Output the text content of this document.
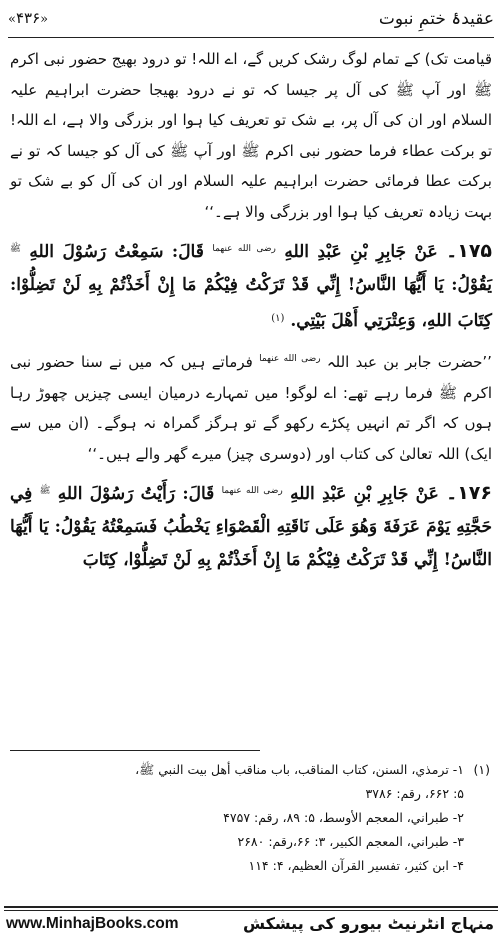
عقیدۂ ختمِ نبوت
«۴۳۶»

قیامت تک) کے تمام لوگ رشک کریں گے، اے اللہ! تو درود بھیج حضور نبی اکرم ﷺ اور آپ ﷺ کی آل پر جیسا کہ تو نے درود بھیجا حضرت ابراہیم علیہ السلام اور ان کی آل پر، بے شک تو تعریف کیا ہوا اور بزرگی والا ہے، اے اللہ! تو برکت عطاء فرما حضور نبی اکرم ﷺ اور آپ ﷺ کی آل کو جیسا کہ تو نے برکت عطا فرمائی حضرت ابراہیم علیہ السلام اور ان کی آل کو بے شک تو بہت زیادہ تعریف کیا ہوا اور بزرگی والا ہے۔‘‘

۱۷۵۔ عَنْ جَابِرِ بْنِ عَبْدِ اللهِ $^{رضی الله عنهما}$ قَالَ: سَمِعْتُ رَسُوْلَ اللهِ $^ﷺ$ يَقُوْلُ: يَا أَيُّهَا النَّاسُ! إِنِّي قَدْ تَرَكْتُ فِيْكُمْ مَا إِنْ أَخَذْتُمْ بِهِ لَنْ تَضِلُّوْا: كِتَابَ اللهِ، وَعِتْرَتِي أَهْلَ بَيْتِي. $^{(۱)}$

’’حضرت جابر بن عبد اللہ $^{رضی الله عنهما}$ فرماتے ہیں کہ میں نے سنا حضور نبی اکرم ﷺ فرما رہے تھے: اے لوگو! میں تمہارے درمیان ایسی چیزیں چھوڑ رہا ہوں کہ اگر تم انہیں پکڑے رکھو گے تو ہرگز گمراہ نہ ہوگے۔ (ان میں سے ایک) اللہ تعالیٰ کی کتاب اور (دوسری چیز) میرے گھر والے ہیں۔‘‘

۱۷۶۔ عَنْ جَابِرِ بْنِ عَبْدِ اللهِ $^{رضی الله عنهما}$ قَالَ: رَأَيْتُ رَسُوْلَ اللهِ $^ﷺ$ فِي حَجَّتِهِ يَوْمَ عَرَفَةَ وَهُوَ عَلَى نَاقَتِهِ الْقَصْوَاءِ يَخْطُبُ فَسَمِعْتُهُ يَقُوْلُ: يَا أَيُّهَا النَّاسُ! إِنِّي قَدْ تَرَكْتُ فِيْكُمْ مَا إِنْ أَخَذْتُمْ بِهِ لَنْ تَضِلُّوْا، كِتَابَ

(۱)۱- ترمذي، السنن، كتاب المناقب، باب مناقب أهل بيت النبي ﷺ،

۵: ۶۶۲، رقم: ۳۷۸۶

۲- طبراني، المعجم الأوسط، ۵: ۸۹، رقم: ۴۷۵۷

۳- طبراني، المعجم الكبير، ۳: ۶۶،رقم: ۲۶۸۰

۴- ابن كثير، تفسير القرآن العظيم، ۴: ۱۱۴

www.MinhajBooks.com	منہاج انٹرنیٹ بیورو کی پیشکش
